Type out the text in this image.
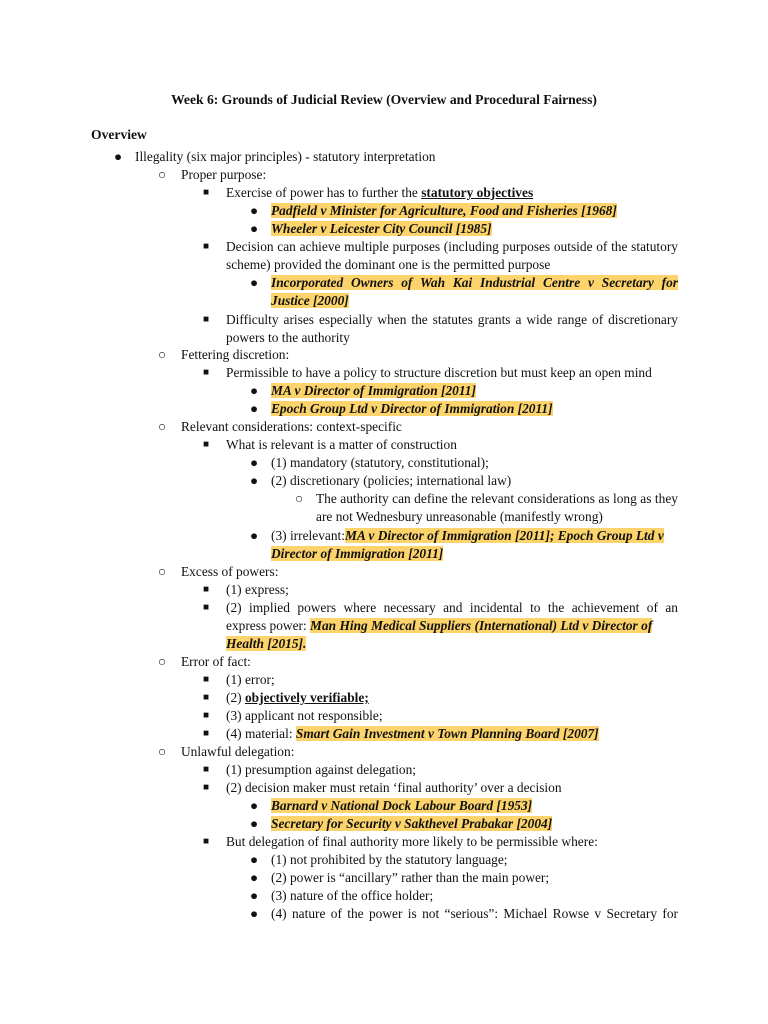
Week 6: Grounds of Judicial Review (Overview and Procedural Fairness)
Overview
● Illegality (six major principles) - statutory interpretation
○ Proper purpose:
■ Exercise of power has to further the statutory objectives
● Padfield v Minister for Agriculture, Food and Fisheries [1968]
● Wheeler v Leicester City Council [1985]
■ Decision can achieve multiple purposes (including purposes outside of the statutory scheme) provided the dominant one is the permitted purpose
● Incorporated Owners of Wah Kai Industrial Centre v Secretary for Justice [2000]
■ Difficulty arises especially when the statutes grants a wide range of discretionary powers to the authority
○ Fettering discretion:
■ Permissible to have a policy to structure discretion but must keep an open mind
● MA v Director of Immigration [2011]
● Epoch Group Ltd v Director of Immigration [2011]
○ Relevant considerations: context-specific
■ What is relevant is a matter of construction
● (1) mandatory (statutory, constitutional);
● (2) discretionary (policies; international law)
○ The authority can define the relevant considerations as long as they are not Wednesbury unreasonable (manifestly wrong)
● (3) irrelevant:MA v Director of Immigration [2011]; Epoch Group Ltd v
Director of Immigration [2011]
○ Excess of powers:
■ (1) express;
■ (2) implied powers where necessary and incidental to the achievement of an
express power: Man Hing Medical Suppliers (International) Ltd v Director of
Health [2015].
○ Error of fact:
■ (1) error;
■ (2) objectively verifiable;
■ (3) applicant not responsible;
■ (4) material: Smart Gain Investment v Town Planning Board [2007]
○ Unlawful delegation:
■ (1) presumption against delegation;
■ (2) decision maker must retain ‘final authority’ over a decision
● Barnard v National Dock Labour Board [1953]
● Secretary for Security v Sakthevel Prabakar [2004]
■ But delegation of final authority more likely to be permissible where:
● (1) not prohibited by the statutory language;
● (2) power is “ancillary” rather than the main power;
● (3) nature of the office holder;
● (4) nature of the power is not “serious”: Michael Rowse v Secretary for
